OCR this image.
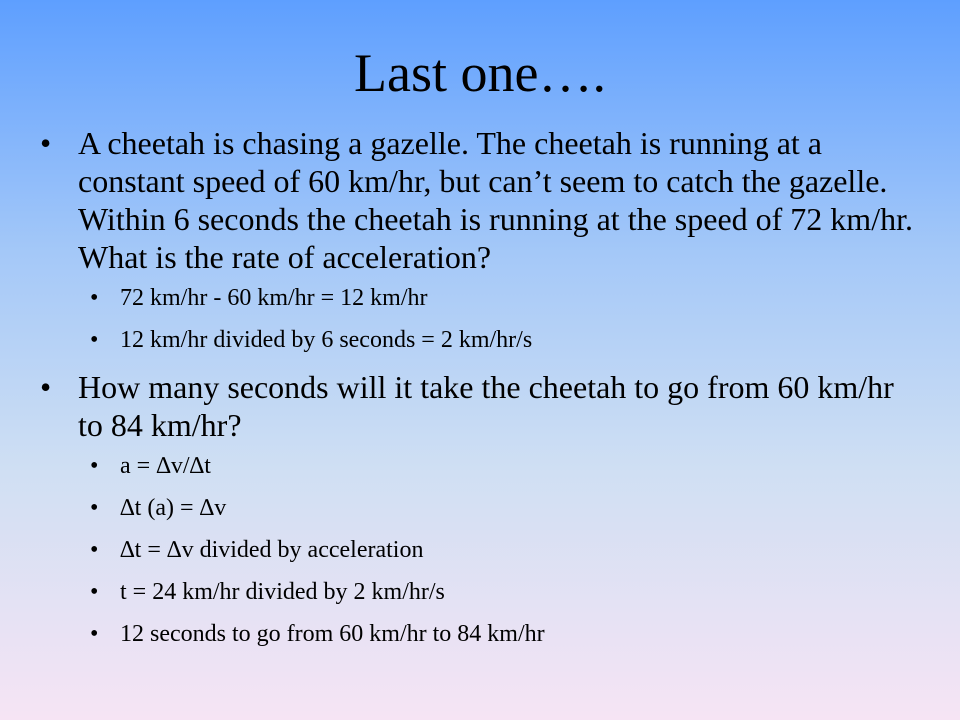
Last one….
• A cheetah is chasing a gazelle. The cheetah is running at a constant speed of 60 km/hr, but can’t seem to catch the gazelle. Within 6 seconds the cheetah is running at the speed of 72 km/hr. What is the rate of acceleration?
• 72 km/hr - 60 km/hr = 12 km/hr
• 12 km/hr divided by 6 seconds = 2 km/hr/s
• How many seconds will it take the cheetah to go from 60 km/hr to 84 km/hr?
• a = ∆v/∆t
• ∆t (a) = ∆v
• ∆t = ∆v divided by acceleration
• t = 24 km/hr divided by 2 km/hr/s
• 12 seconds to go from 60 km/hr to 84 km/hr
